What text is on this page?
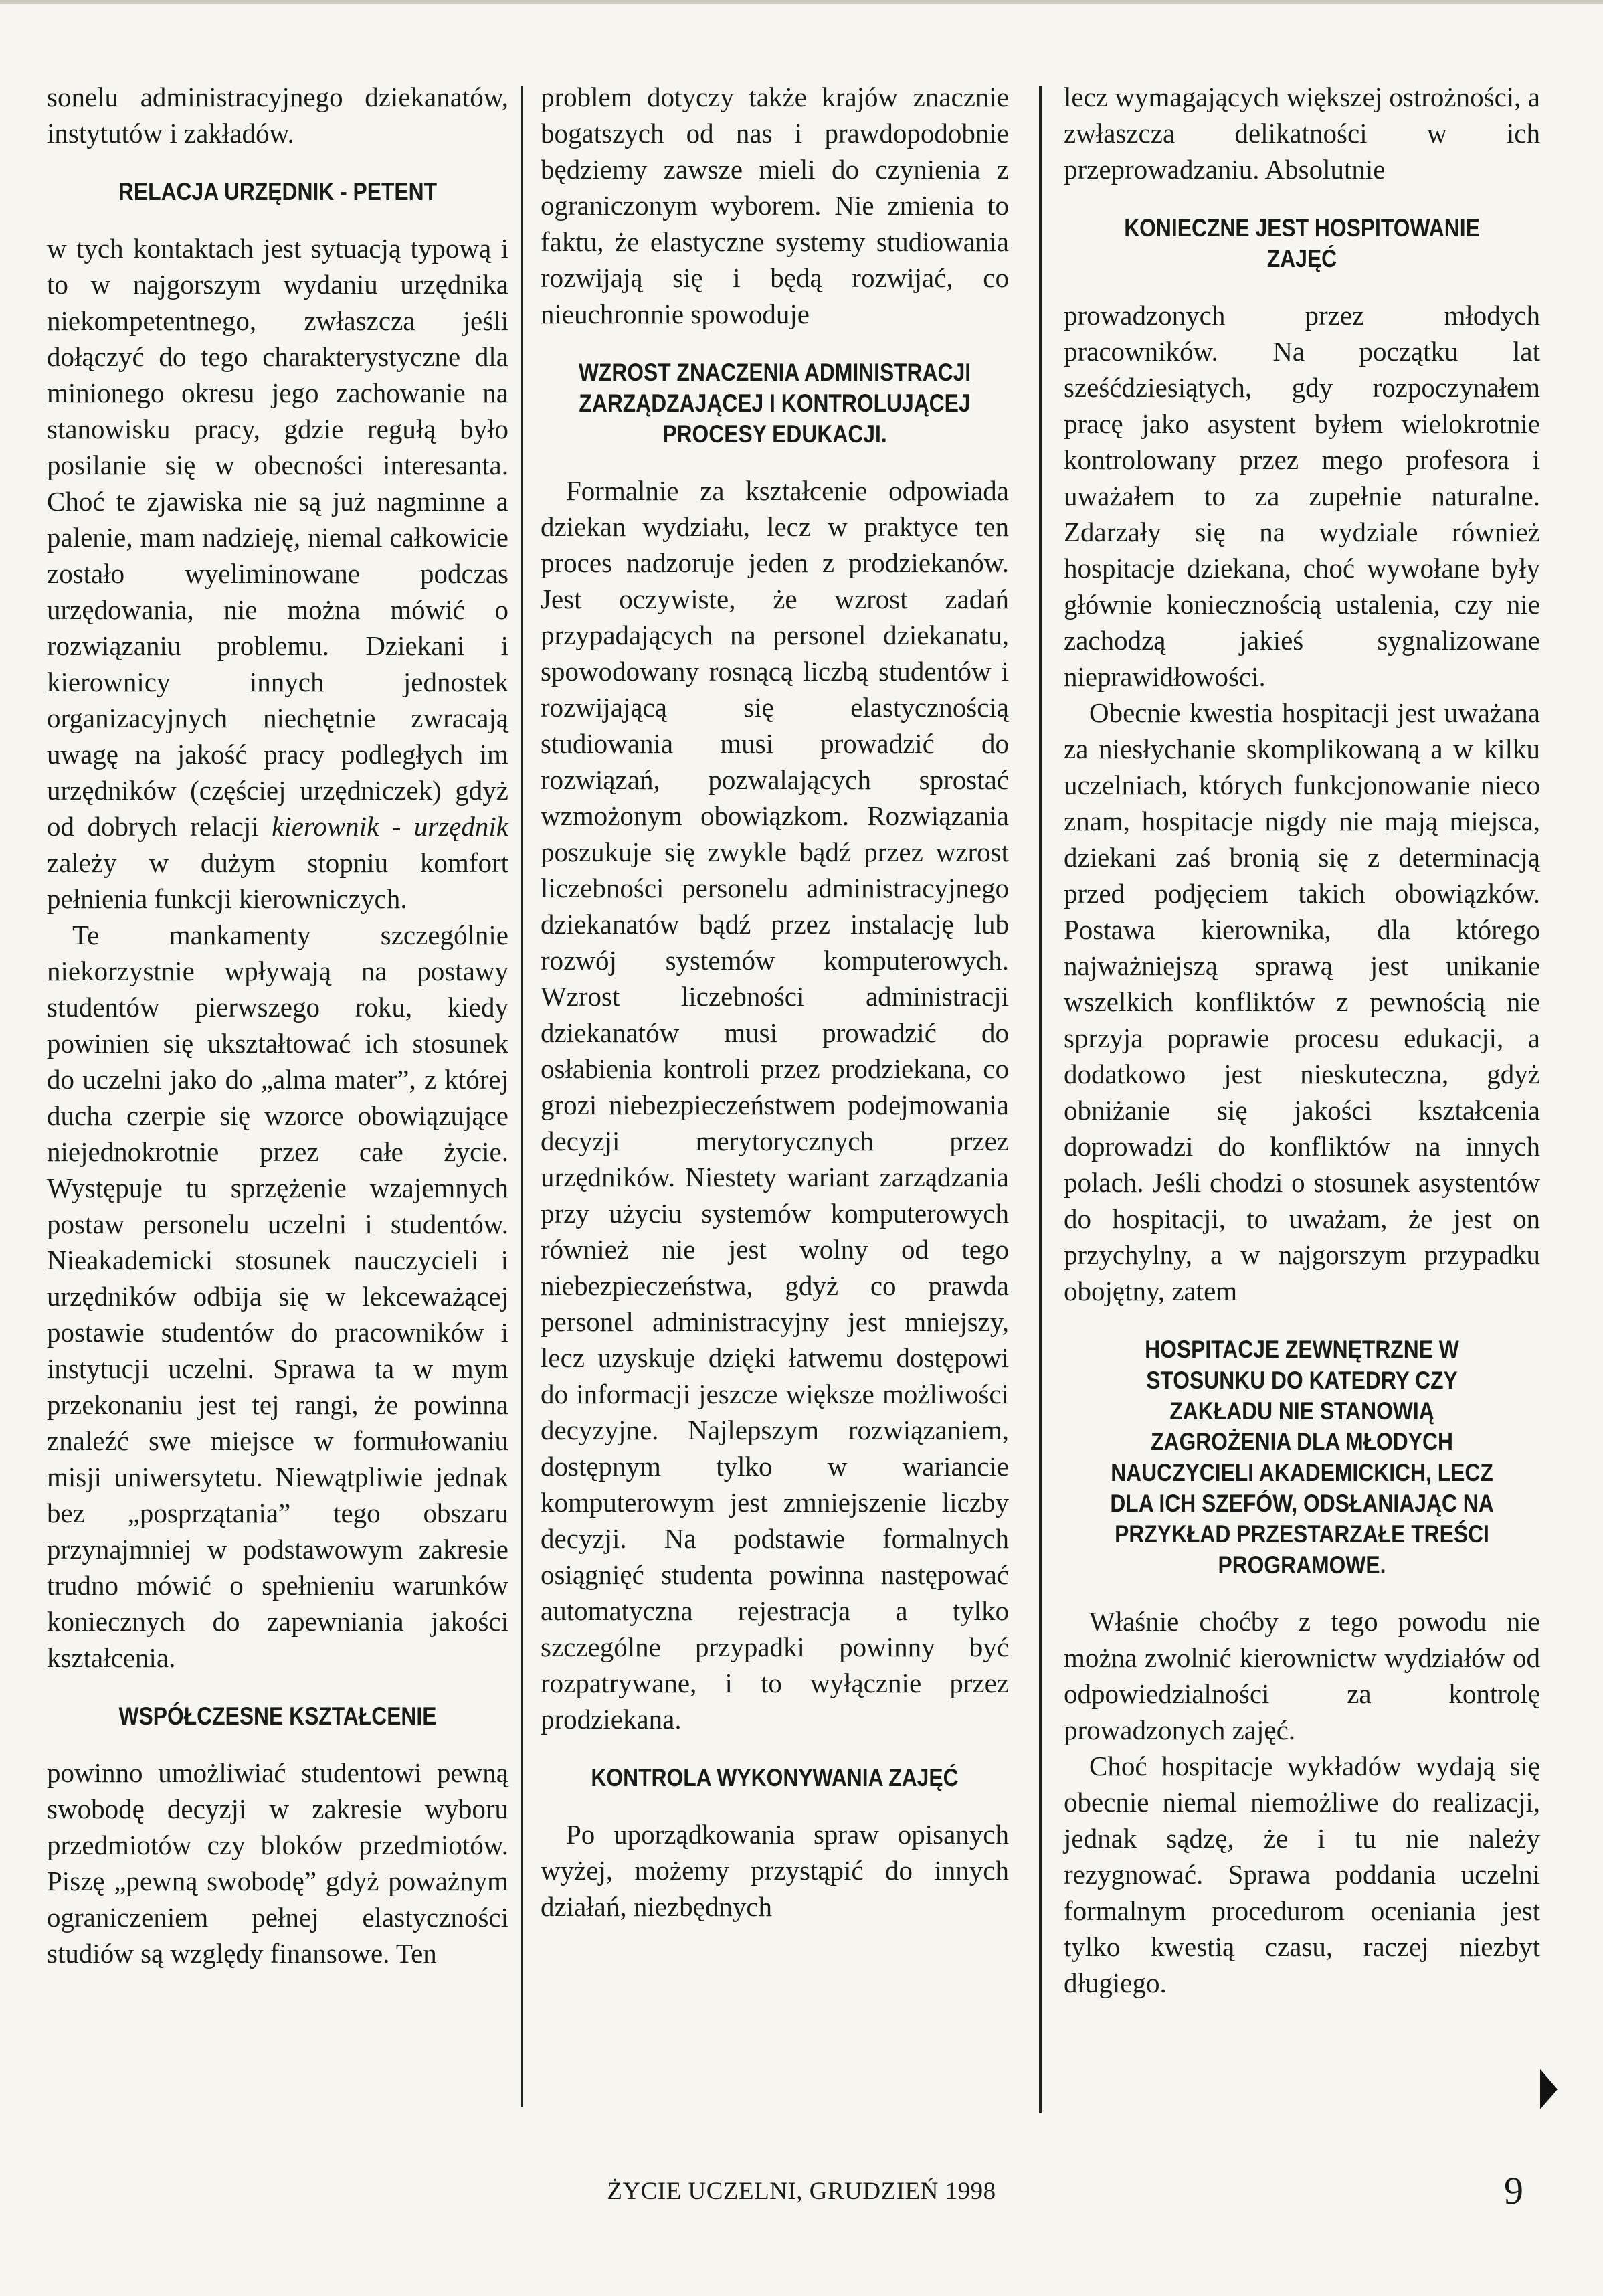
sonelu administracyjnego dziekanatów, instytutów i zakładów.

RELACJA URZĘDNIK - PETENT

w tych kontaktach jest sytuacją typową i to w najgorszym wydaniu urzędnika niekompetentnego, zwłaszcza jeśli dołączyć do tego charakterystyczne dla minionego okresu jego zachowanie na stanowisku pracy, gdzie regułą było posilanie się w obecności interesanta. Choć te zjawiska nie są już nagminne a palenie, mam nadzieję, niemal całkowicie zostało wyeliminowane podczas urzędowania, nie można mówić o rozwiązaniu problemu. Dziekani i kierownicy innych jednostek organizacyjnych niechętnie zwracają uwagę na jakość pracy podległych im urzędników (częściej urzędniczek) gdyż od dobrych relacji kierownik - urzędnik zależy w dużym stopniu komfort pełnienia funkcji kierowniczych.

Te mankamenty szczególnie niekorzystnie wpływają na postawy studentów pierwszego roku, kiedy powinien się ukształtować ich stosunek do uczelni jako do „alma mater”, z której ducha czerpie się wzorce obowiązujące niejednokrotnie przez całe życie. Występuje tu sprzężenie wzajemnych postaw personelu uczelni i studentów. Nieakademicki stosunek nauczycieli i urzędników odbija się w lekceważącej postawie studentów do pracowników i instytucji uczelni. Sprawa ta w mym przekonaniu jest tej rangi, że powinna znaleźć swe miejsce w formułowaniu misji uniwersytetu. Niewątpliwie jednak bez „posprzątania” tego obszaru przynajmniej w podstawowym zakresie trudno mówić o spełnieniu warunków koniecznych do zapewniania jakości kształcenia.

WSPÓŁCZESNE KSZTAŁCENIE

powinno umożliwiać studentowi pewną swobodę decyzji w zakresie wyboru przedmiotów czy bloków przedmiotów. Piszę „pewną swobodę” gdyż poważnym ograniczeniem pełnej elastyczności studiów są względy finansowe. Ten

problem dotyczy także krajów znacznie bogatszych od nas i prawdopodobnie będziemy zawsze mieli do czynienia z ograniczonym wyborem. Nie zmienia to faktu, że elastyczne systemy studiowania rozwijają się i będą rozwijać, co nieuchronnie spowoduje

WZROST ZNACZENIA ADMINISTRACJI ZARZĄDZAJĄCEJ I KONTROLUJĄCEJ PROCESY EDUKACJI.

Formalnie za kształcenie odpowiada dziekan wydziału, lecz w praktyce ten proces nadzoruje jeden z prodziekanów. Jest oczywiste, że wzrost zadań przypadających na personel dziekanatu, spowodowany rosnącą liczbą studentów i rozwijającą się elastycznością studiowania musi prowadzić do rozwiązań, pozwalających sprostać wzmożonym obowiązkom. Rozwiązania poszukuje się zwykle bądź przez wzrost liczebności personelu administracyjnego dziekanatów bądź przez instalację lub rozwój systemów komputerowych. Wzrost liczebności administracji dziekanatów musi prowadzić do osłabienia kontroli przez prodziekana, co grozi niebezpieczeństwem podejmowania decyzji merytorycznych przez urzędników. Niestety wariant zarządzania przy użyciu systemów komputerowych również nie jest wolny od tego niebezpieczeństwa, gdyż co prawda personel administracyjny jest mniejszy, lecz uzyskuje dzięki łatwemu dostępowi do informacji jeszcze większe możliwości decyzyjne. Najlepszym rozwiązaniem, dostępnym tylko w wariancie komputerowym jest zmniejszenie liczby decyzji. Na podstawie formalnych osiągnięć studenta powinna następować automatyczna rejestracja a tylko szczególne przypadki powinny być rozpatrywane, i to wyłącznie przez prodziekana.

KONTROLA WYKONYWANIA ZAJĘĆ

Po uporządkowania spraw opisanych wyżej, możemy przystąpić do innych działań, niezbędnych

lecz wymagających większej ostrożności, a zwłaszcza delikatności w ich przeprowadzaniu. Absolutnie

KONIECZNE JEST HOSPITOWANIE ZAJĘĆ

prowadzonych przez młodych pracowników. Na początku lat sześćdziesiątych, gdy rozpoczynałem pracę jako asystent byłem wielokrotnie kontrolowany przez mego profesora i uważałem to za zupełnie naturalne. Zdarzały się na wydziale również hospitacje dziekana, choć wywołane były głównie koniecznością ustalenia, czy nie zachodzą jakieś sygnalizowane nieprawidłowości.

Obecnie kwestia hospitacji jest uważana za niesłychanie skomplikowaną a w kilku uczelniach, których funkcjonowanie nieco znam, hospitacje nigdy nie mają miejsca, dziekani zaś bronią się z determinacją przed podjęciem takich obowiązków. Postawa kierownika, dla którego najważniejszą sprawą jest unikanie wszelkich konfliktów z pewnością nie sprzyja poprawie procesu edukacji, a dodatkowo jest nieskuteczna, gdyż obniżanie się jakości kształcenia doprowadzi do konfliktów na innych polach. Jeśli chodzi o stosunek asystentów do hospitacji, to uważam, że jest on przychylny, a w najgorszym przypadku obojętny, zatem

HOSPITACJE ZEWNĘTRZNE W STOSUNKU DO KATEDRY CZY ZAKŁADU NIE STANOWIĄ ZAGROŻENIA DLA MŁODYCH NAUCZYCIELI AKADEMICKICH, LECZ DLA ICH SZEFÓW, ODSŁANIAJĄC NA PRZYKŁAD PRZESTARZAŁE TREŚCI PROGRAMOWE.

Właśnie choćby z tego powodu nie można zwolnić kierownictw wydziałów od odpowiedzialności za kontrolę prowadzonych zajęć.

Choć hospitacje wykładów wydają się obecnie niemal niemożliwe do realizacji, jednak sądzę, że i tu nie należy rezygnować. Sprawa poddania uczelni formalnym procedurom oceniania jest tylko kwestią czasu, raczej niezbyt długiego.

ŻYCIE UCZELNI, GRUDZIEŃ 1998	9
